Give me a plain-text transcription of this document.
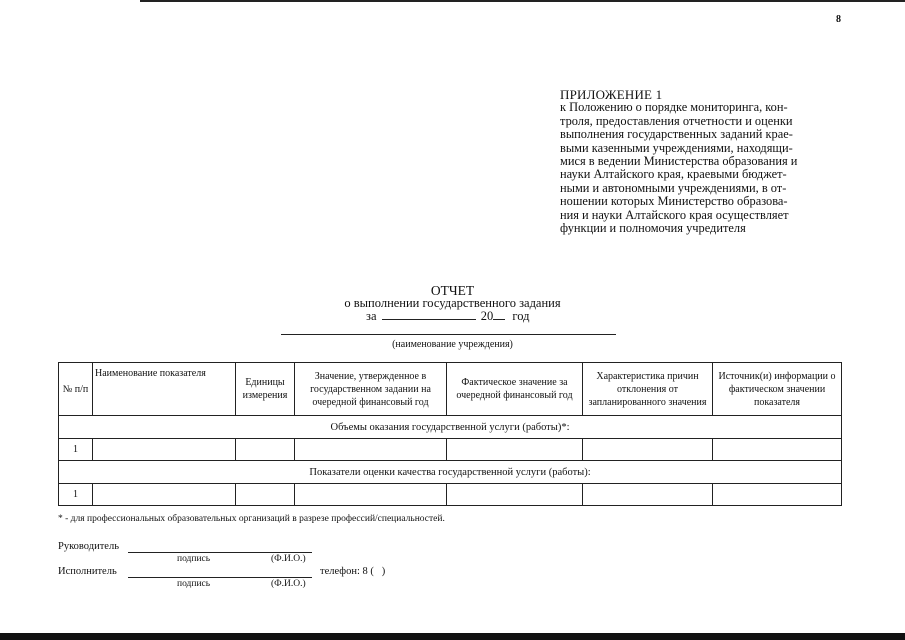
8
ПРИЛОЖЕНИЕ 1
к Положению о порядке мониторинга, кон-
троля, предоставления отчетности и оценки
выполнения государственных заданий крае-
выми казенными учреждениями, находящи-
мися в ведении Министерства образования и
науки Алтайского края, краевыми бюджет-
ными и автономными учреждениями, в от-
ношении которых Министерство образова-
ния и науки Алтайского края осуществляет
функции и полномочия учредителя
ОТЧЕТ
о выполнении государственного задания
за	20 год
(наименование учреждения)
№ п/п	Наименование показателя	Единицы измерения	Значение, утвержденное в государственном задании на очередной финансовый год	Фактическое значение за очередной финансовый год	Характеристика причин отклонения от запланированного значения	Источник(и) информации о фактическом значении показателя
Объемы оказания государственной услуги (работы)*:						
1						
Показатели оценки качества государственной услуги (работы):						
1						
* - для профессиональных образовательных организаций в разрезе профессий/специальностей.
Руководитель
подпись	(Ф.И.О.)
Исполнитель
подпись	(Ф.И.О.)
телефон: 8 (   )
